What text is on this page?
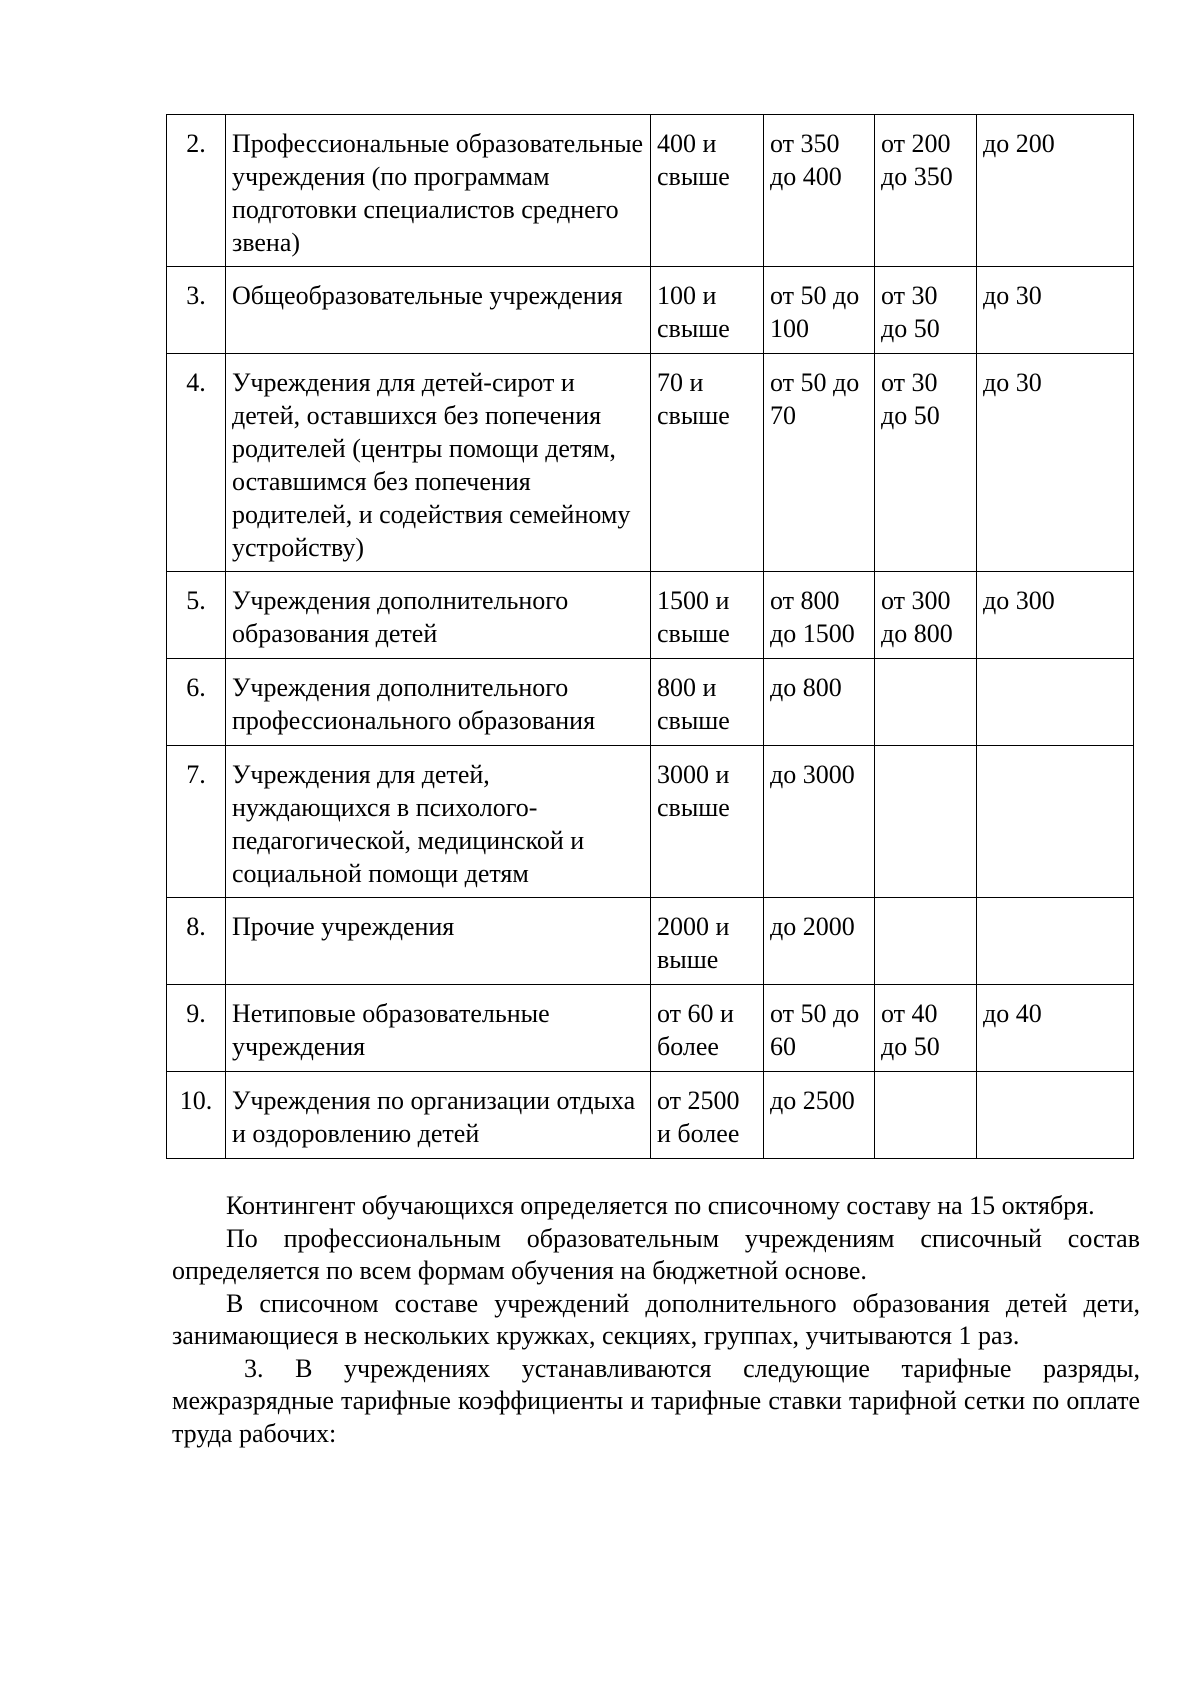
2.	Профессиональные образовательные учреждения (по программам подготовки специалистов среднего звена)	400 и свыше	от 350 до 400	от 200 до 350	до 200
3.	Общеобразовательные учреждения	100 и свыше	от 50 до 100	от 30 до 50	до 30
4.	Учреждения для детей-сирот и детей, оставшихся без попечения родителей (центры помощи детям, оставшимся без попечения родителей, и содействия семейному устройству)	70 и свыше	от 50 до 70	от 30 до 50	до 30
5.	Учреждения дополнительного образования детей	1500 и свыше	от 800 до 1500	от 300 до 800	до 300
6.	Учреждения дополнительного профессионального образования	800 и свыше	до 800		
7.	Учреждения для детей, нуждающихся в психолого-педагогической, медицинской и социальной помощи детям	3000 и свыше	до 3000		
8.	Прочие учреждения	2000 и выше	до 2000		
9.	Нетиповые образовательные учреждения	от 60 и более	от 50 до 60	от 40 до 50	до 40
10.	Учреждения по организации отдыха и оздоровлению детей	от 2500 и более	до 2500		

Контингент обучающихся определяется по списочному составу на 15 октября.

По профессиональным образовательным учреждениям списочный состав определяется по всем формам обучения на бюджетной основе.

В списочном составе учреждений дополнительного образования детей дети, занимающиеся в нескольких кружках, секциях, группах, учитываются 1 раз.

3. В учреждениях устанавливаются следующие тарифные разряды, межразрядные тарифные коэффициенты и тарифные ставки тарифной сетки по оплате труда рабочих:
